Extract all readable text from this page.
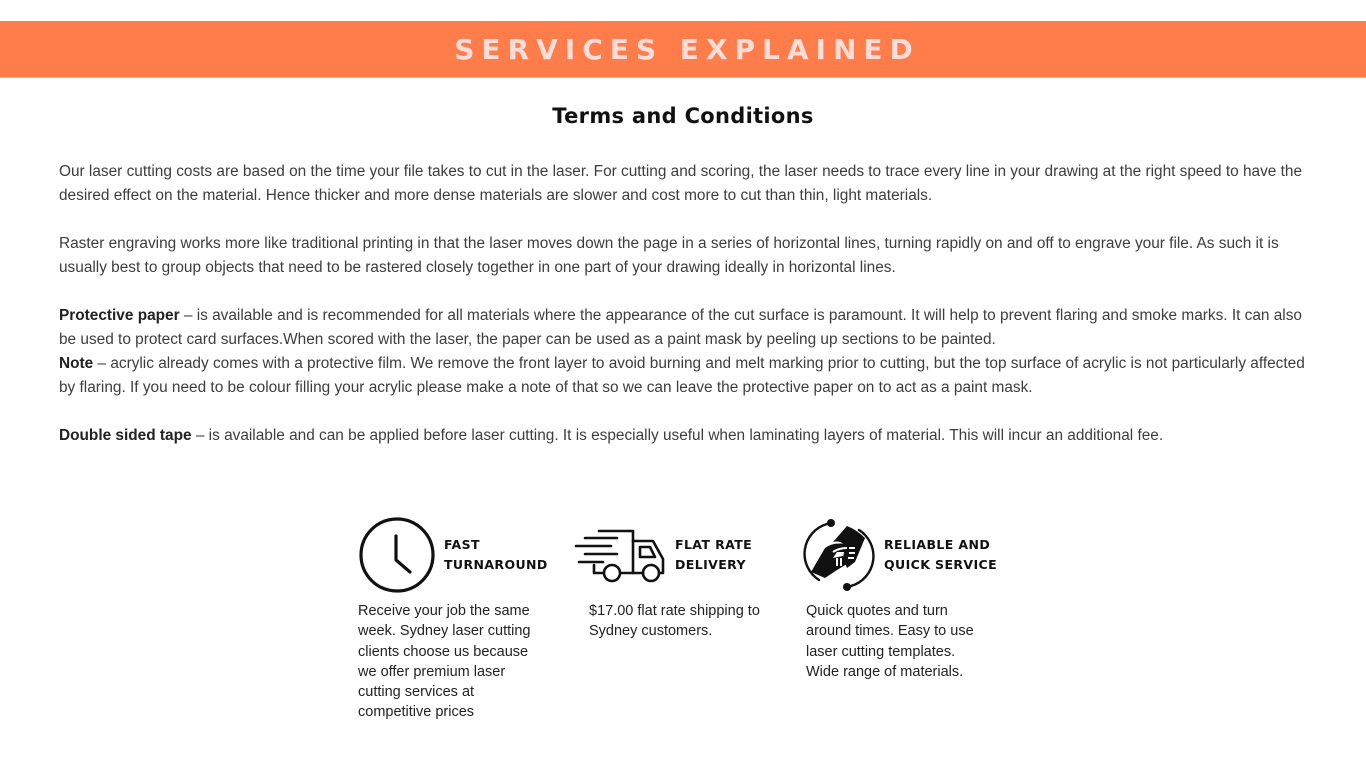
SERVICES EXPLAINED
Terms and Conditions

Our laser cutting costs are based on the time your file takes to cut in the laser. For cutting and scoring, the laser needs to trace every line in your drawing at the right speed to have the desired effect on the material. Hence thicker and more dense materials are slower and cost more to cut than thin, light materials.

Raster engraving works more like traditional printing in that the laser moves down the page in a series of horizontal lines, turning rapidly on and off to engrave your file. As such it is usually best to group objects that need to be rastered closely together in one part of your drawing ideally in horizontal lines.

Protective paper – is available and is recommended for all materials where the appearance of the cut surface is paramount. It will help to prevent flaring and smoke marks. It can also be used to protect card surfaces.When scored with the laser, the paper can be used as a paint mask by peeling up sections to be painted.

Note – acrylic already comes with a protective film. We remove the front layer to avoid burning and melt marking prior to cutting, but the top surface of acrylic is not particularly affected by flaring. If you need to be colour filling your acrylic please make a note of that so we can leave the protective paper on to act as a paint mask.

Double sided tape – is available and can be applied before laser cutting. It is especially useful when laminating layers of material. This will incur an additional fee.

FAST
TURNAROUND
Receive your job the same week. Sydney laser cutting clients choose us because we offer premium laser cutting services at competitive prices
FLAT RATE
DELIVERY
$17.00 flat rate shipping to Sydney customers.
RELIABLE AND
QUICK SERVICE
Quick quotes and turn around times. Easy to use laser cutting templates. Wide range of materials.
